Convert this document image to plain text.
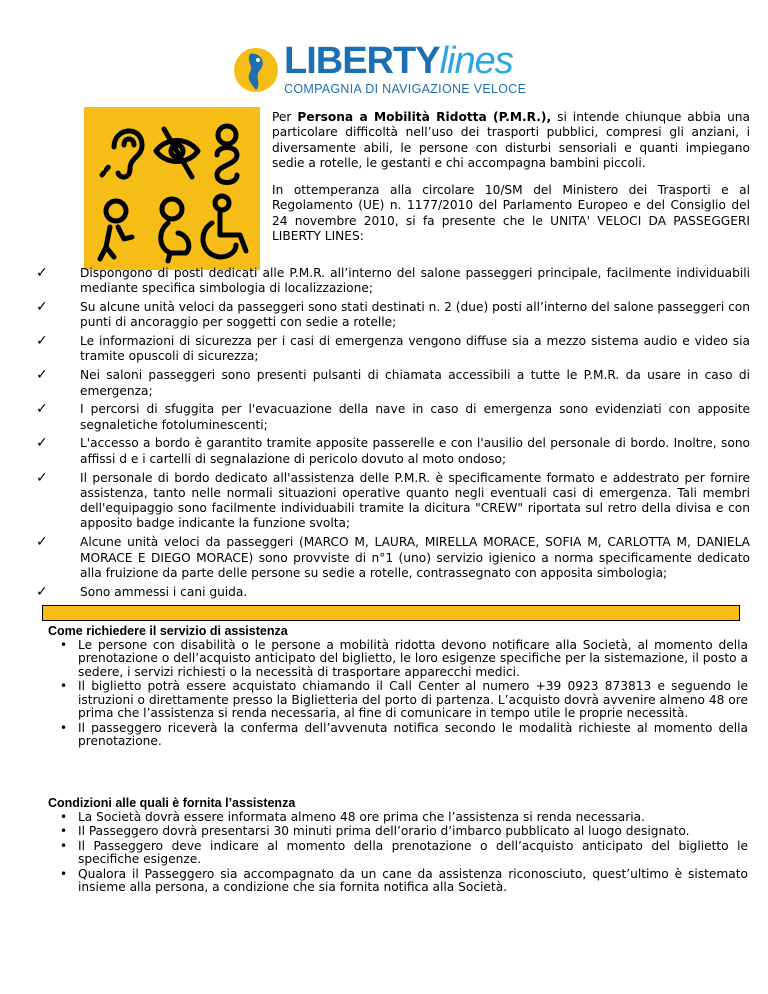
LIBERTYlines
COMPAGNIA DI NAVIGAZIONE VELOCE

Per Persona a Mobilità Ridotta (P.M.R.), si intende chiunque abbia una particolare difficoltà nell’uso dei trasporti pubblici, compresi gli anziani, i diversamente abili, le persone con disturbi sensoriali e quanti impiegano sedie a rotelle, le gestanti e chi accompagna bambini piccoli.

In ottemperanza alla circolare 10/SM del Ministero dei Trasporti e al Regolamento (UE) n. 1177/2010 del Parlamento Europeo e del Consiglio del 24 novembre 2010, si fa presente che le UNITA' VELOCI DA PASSEGGERI LIBERTY LINES:

✓	Dispongono di posti dedicati alle P.M.R. all’interno del salone passeggeri principale, facilmente individuabili mediante specifica simbologia di localizzazione;
✓	Su alcune unità veloci da passeggeri sono stati destinati n. 2 (due) posti all’interno del salone passeggeri con punti di ancoraggio per soggetti con sedie a rotelle;
✓	Le informazioni di sicurezza per i casi di emergenza vengono diffuse sia a mezzo sistema audio e video sia tramite opuscoli di sicurezza;
✓	Nei saloni passeggeri sono presenti pulsanti di chiamata accessibili a tutte le P.M.R. da usare in caso di emergenza;
✓	I percorsi di sfuggita per l'evacuazione della nave in caso di emergenza sono evidenziati con apposite segnaletiche fotoluminescenti;
✓	L'accesso a bordo è garantito tramite apposite passerelle e con l'ausilio del personale di bordo. Inoltre, sono affissi d e i cartelli di segnalazione di pericolo dovuto al moto ondoso;
✓	Il personale di bordo dedicato all'assistenza delle P.M.R. è specificamente formato e addestrato per fornire assistenza, tanto nelle normali situazioni operative quanto negli eventuali casi di emergenza. Tali membri dell'equipaggio sono facilmente individuabili tramite la dicitura "CREW" riportata sul retro della divisa e con apposito badge indicante la funzione svolta;
✓	Alcune unità veloci da passeggeri (MARCO M, LAURA, MIRELLA MORACE, SOFIA M, CARLOTTA M, DANIELA MORACE E DIEGO MORACE) sono provviste di n°1 (uno) servizio igienico a norma specificamente dedicato alla fruizione da parte delle persone su sedie a rotelle, contrassegnato con apposita simbologia;
✓	Sono ammessi i cani guida.
Come richiedere il servizio di assistenza
• Le persone con disabilità o le persone a mobilità ridotta devono notificare alla Società, al momento della prenotazione o dell’acquisto anticipato del biglietto, le loro esigenze specifiche per la sistemazione, il posto a sedere, i servizi richiesti o la necessità di trasportare apparecchi medici.
• Il biglietto potrà essere acquistato chiamando il Call Center al numero +39 0923 873813 e seguendo le istruzioni o direttamente presso la Biglietteria del porto di partenza. L’acquisto dovrà avvenire almeno 48 ore prima che l’assistenza si renda necessaria, al fine di comunicare in tempo utile le proprie necessità.
• Il passeggero riceverà la conferma dell’avvenuta notifica secondo le modalità richieste al momento della prenotazione.
Condizioni alle quali è fornita l’assistenza
• La Società dovrà essere informata almeno 48 ore prima che l’assistenza si renda necessaria.
• Il Passeggero dovrà presentarsi 30 minuti prima dell’orario d’imbarco pubblicato al luogo designato.
• Il Passeggero deve indicare al momento della prenotazione o dell’acquisto anticipato del biglietto le specifiche esigenze.
• Qualora il Passeggero sia accompagnato da un cane da assistenza riconosciuto, quest’ultimo è sistemato insieme alla persona, a condizione che sia fornita notifica alla Società.
